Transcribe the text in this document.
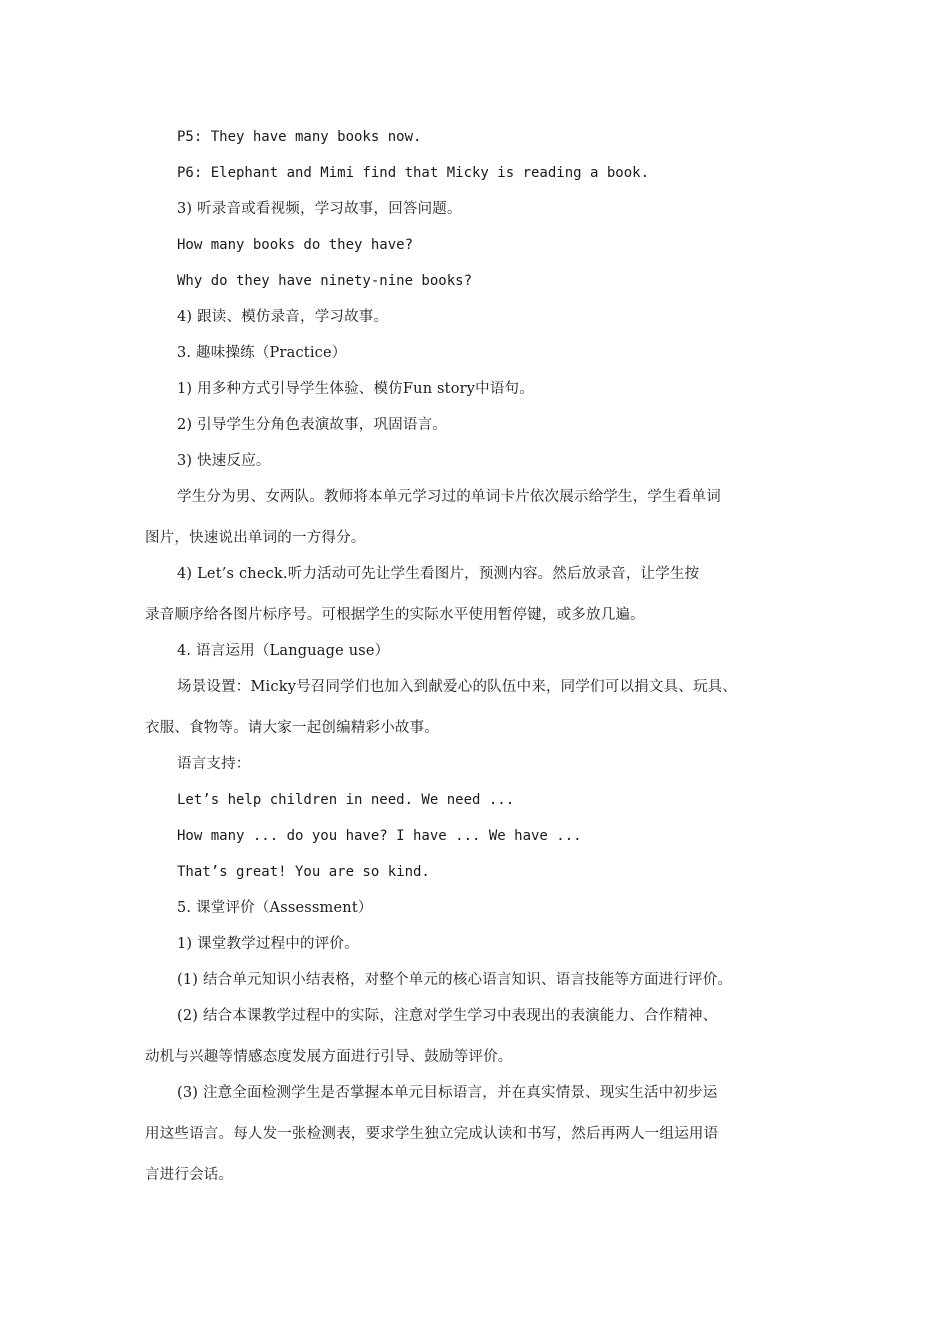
P5: They have many books now.
P6: Elephant and Mimi find that Micky is reading a book.
3) 听录音或看视频，学习故事，回答问题。
How many books do they have?
Why do they have ninety-nine books?
4) 跟读、模仿录音，学习故事。
3. 趣味操练（Practice）
1) 用多种方式引导学生体验、模仿Fun story中语句。
2) 引导学生分角色表演故事，巩固语言。
3) 快速反应。
学生分为男、女两队。教师将本单元学习过的单词卡片依次展示给学生，学生看单词
图片，快速说出单词的一方得分。
4) Let’s check.听力活动可先让学生看图片，预测内容。然后放录音，让学生按
录音顺序给各图片标序号。可根据学生的实际水平使用暂停键，或多放几遍。
4. 语言运用（Language use）
场景设置：Micky号召同学们也加入到献爱心的队伍中来，同学们可以捐文具、玩具、
衣服、食物等。请大家一起创编精彩小故事。
语言支持：
Let’s help children in need. We need ...
How many ... do you have? I have ... We have ...
That’s great! You are so kind.
5. 课堂评价（Assessment）
1) 课堂教学过程中的评价。
(1) 结合单元知识小结表格，对整个单元的核心语言知识、语言技能等方面进行评价。
(2) 结合本课教学过程中的实际，注意对学生学习中表现出的表演能力、合作精神、
动机与兴趣等情感态度发展方面进行引导、鼓励等评价。
(3) 注意全面检测学生是否掌握本单元目标语言，并在真实情景、现实生活中初步运
用这些语言。每人发一张检测表，要求学生独立完成认读和书写，然后再两人一组运用语
言进行会话。
